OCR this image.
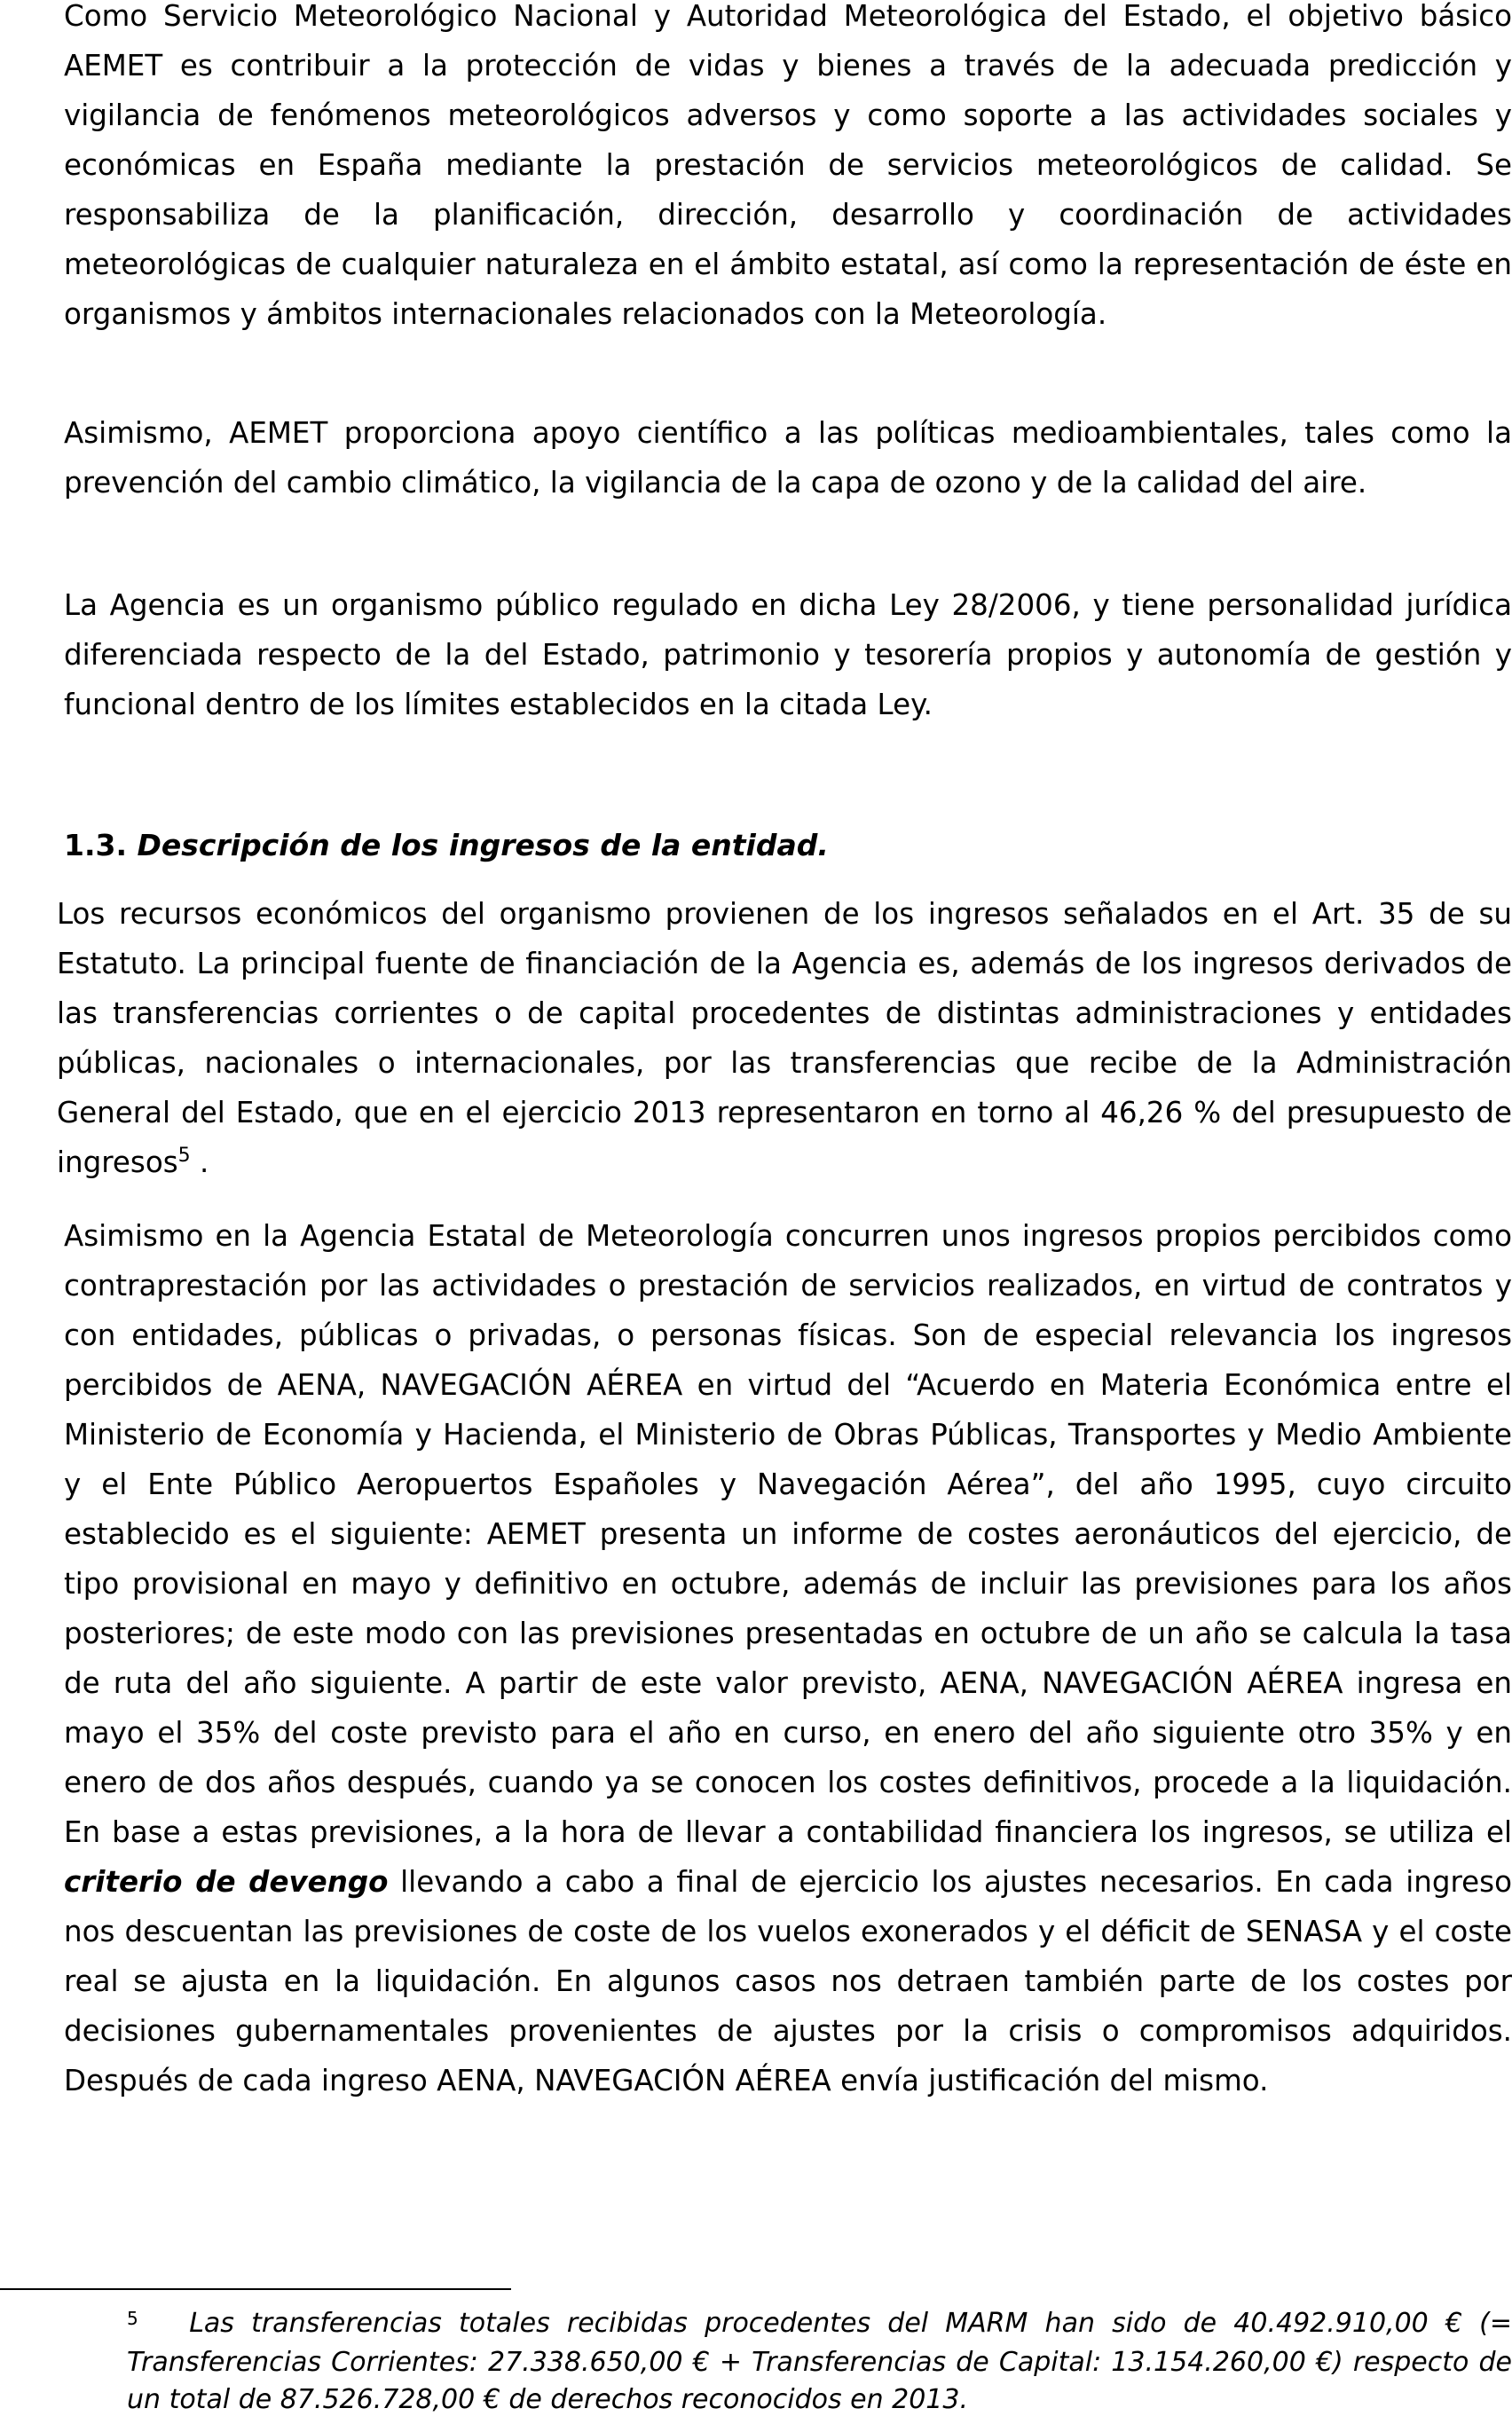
Como Servicio Meteorológico Nacional y Autoridad Meteorológica del Estado, el objetivo básico AEMET es contribuir a la protección de vidas y bienes a través de la adecuada predicción y vigilancia de fenómenos meteorológicos adversos y como soporte a las actividades sociales y económicas en España mediante la prestación de servicios meteorológicos de calidad. Se responsabiliza de la planificación, dirección, desarrollo y coordinación de actividades meteorológicas de cualquier naturaleza en el ámbito estatal, así como la representación de éste en organismos y ámbitos internacionales relacionados con la Meteorología.

Asimismo, AEMET proporciona apoyo científico a las políticas medioambientales, tales como la prevención del cambio climático, la vigilancia de la capa de ozono y de la calidad del aire.

La Agencia es un organismo público regulado en dicha Ley 28/2006, y tiene personalidad jurídica diferenciada respecto de la del Estado, patrimonio y tesorería propios y autonomía de gestión y funcional dentro de los límites establecidos en la citada Ley.

1.3. Descripción de los ingresos de la entidad.

Los recursos económicos del organismo provienen de los ingresos señalados en el Art. 35 de su Estatuto. La principal fuente de financiación de la Agencia es, además de los ingresos derivados de las transferencias corrientes o de capital procedentes de distintas administraciones y entidades públicas, nacionales o internacionales, por las transferencias que recibe de la Administración General del Estado, que en el ejercicio 2013 representaron en torno al 46,26 % del presupuesto de ingresos$^5$ .

Asimismo en la Agencia Estatal de Meteorología concurren unos ingresos propios percibidos como contraprestación por las actividades o prestación de servicios realizados, en virtud de contratos y con entidades, públicas o privadas, o personas físicas. Son de especial relevancia los ingresos percibidos de AENA, NAVEGACIÓN AÉREA en virtud del “Acuerdo en Materia Económica entre el Ministerio de Economía y Hacienda, el Ministerio de Obras Públicas, Transportes y Medio Ambiente y el Ente Público Aeropuertos Españoles y Navegación Aérea”, del año 1995, cuyo circuito establecido es el siguiente: AEMET presenta un informe de costes aeronáuticos del ejercicio, de tipo provisional en mayo y definitivo en octubre, además de incluir las previsiones para los años posteriores; de este modo con las previsiones presentadas en octubre de un año se calcula la tasa de ruta del año siguiente. A partir de este valor previsto, AENA, NAVEGACIÓN AÉREA ingresa en mayo el 35% del coste previsto para el año en curso, en enero del año siguiente otro 35% y en enero de dos años después, cuando ya se conocen los costes definitivos, procede a la liquidación. En base a estas previsiones, a la hora de llevar a contabilidad financiera los ingresos, se utiliza el criterio de devengo llevando a cabo a final de ejercicio los ajustes necesarios. En cada ingreso nos descuentan las previsiones de coste de los vuelos exonerados y el déficit de SENASA y el coste real se ajusta en la liquidación. En algunos casos nos detraen también parte de los costes por decisiones gubernamentales provenientes de ajustes por la crisis o compromisos adquiridos. Después de cada ingreso AENA, NAVEGACIÓN AÉREA envía justificación del mismo.

$^5$ Las transferencias totales recibidas procedentes del MARM han sido de 40.492.910,00 € (= Transferencias Corrientes: 27.338.650,00 € + Transferencias de Capital: 13.154.260,00 €) respecto de un total de 87.526.728,00 € de derechos reconocidos en 2013.
